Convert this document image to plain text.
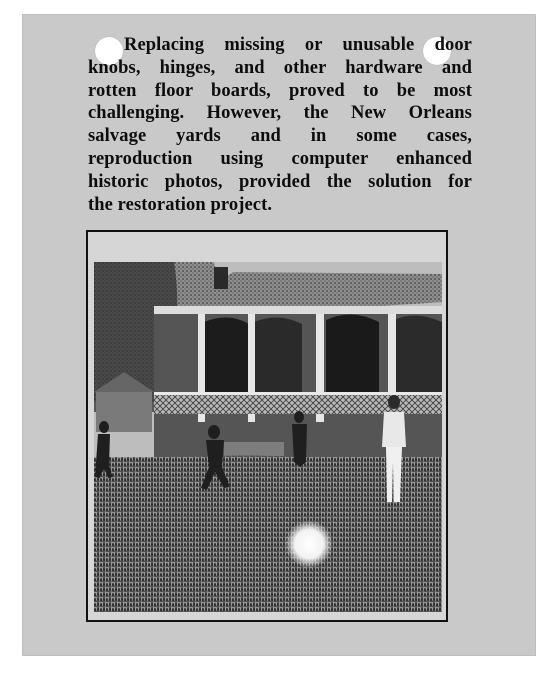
Replacing missing or unusable door
knobs, hinges, and other hardware and
rotten floor boards, proved to be most
challenging. However, the New Orleans
salvage yards and in some cases,
reproduction using computer enhanced
historic photos, provided the solution for
the restoration project.
